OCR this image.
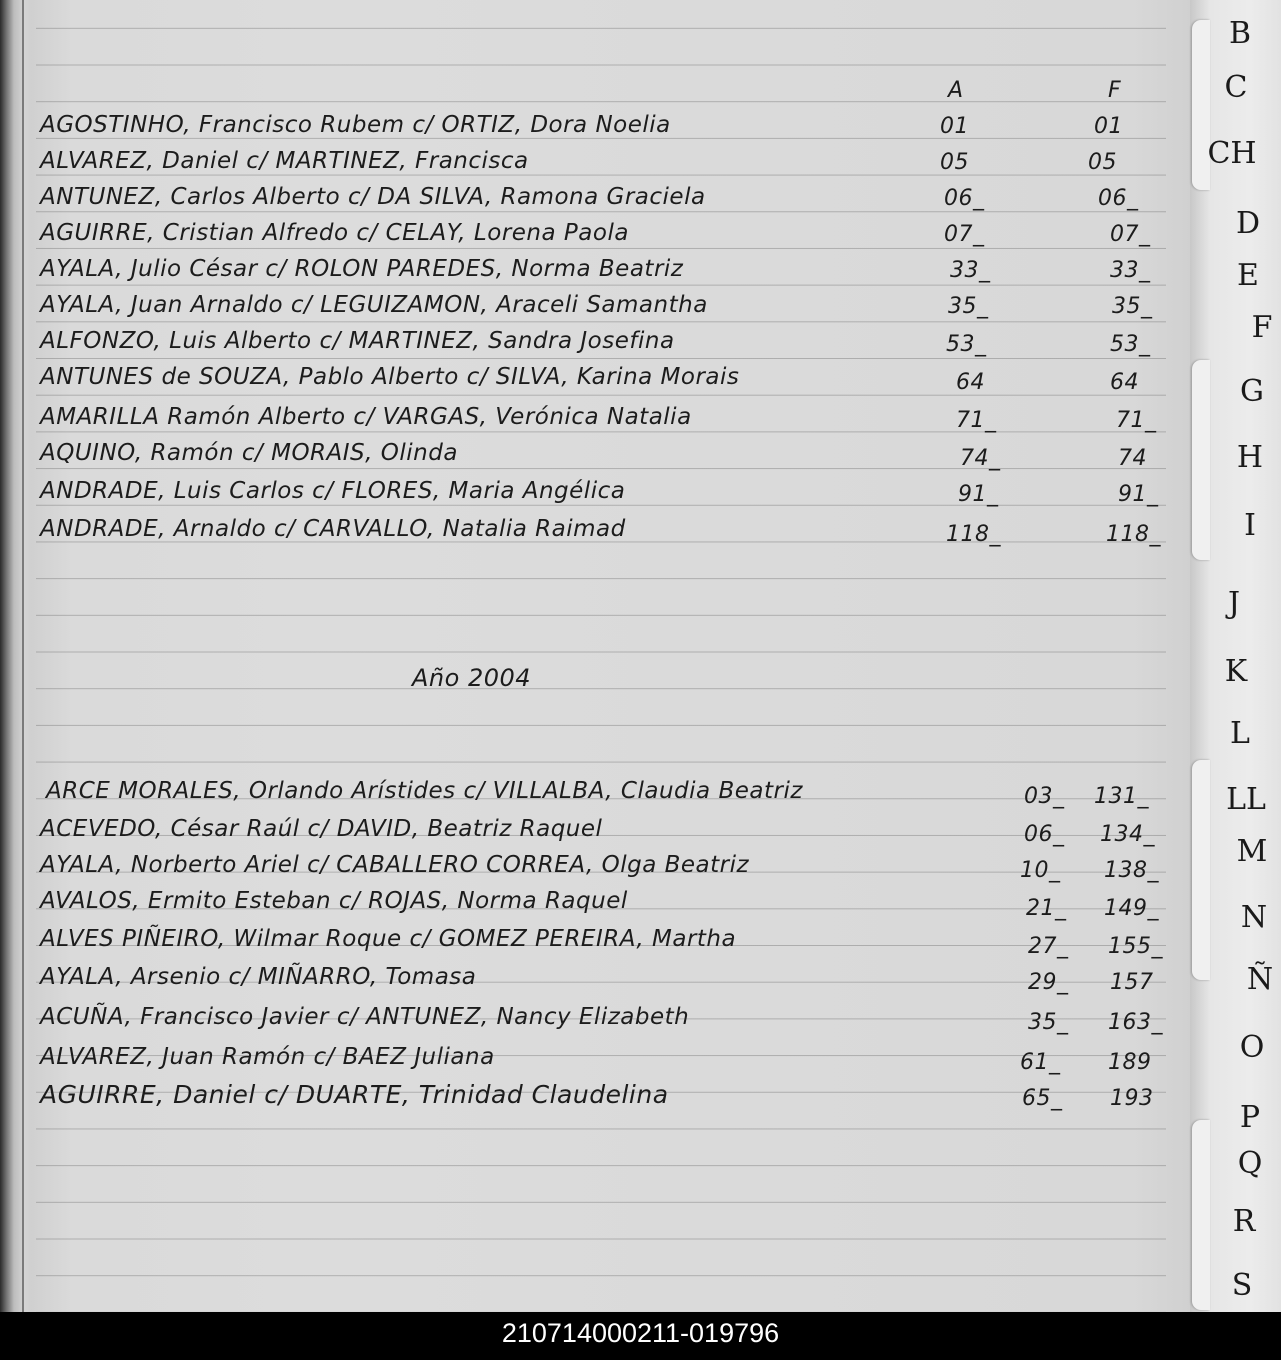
A	F
AGOSTINHO, Francisco Rubem c/ ORTIZ, Dora Noelia	01	01
ALVAREZ, Daniel c/ MARTINEZ, Francisca	05	05
ANTUNEZ, Carlos Alberto c/ DA SILVA, Ramona Graciela	06_	06_
AGUIRRE, Cristian Alfredo c/ CELAY, Lorena Paola	07_	07_
AYALA, Julio César c/ ROLON PAREDES, Norma Beatriz	33_	33_
AYALA, Juan Arnaldo c/ LEGUIZAMON, Araceli Samantha	35_	35_
ALFONZO, Luis Alberto c/ MARTINEZ, Sandra Josefina	53_	53_
ANTUNES de SOUZA, Pablo Alberto c/ SILVA, Karina Morais	64	64
AMARILLA Ramón Alberto c/ VARGAS, Verónica Natalia	71_	71_
AQUINO, Ramón c/ MORAIS, Olinda	74_	74
ANDRADE, Luis Carlos c/ FLORES, Maria Angélica	91_	91_
ANDRADE, Arnaldo c/ CARVALLO, Natalia Raimad	118_	118_
Año 2004
ARCE MORALES, Orlando Arístides c/ VILLALBA, Claudia Beatriz	03_ 131_
ACEVEDO, César Raúl c/ DAVID, Beatriz Raquel	06_ 134_
AYALA, Norberto Ariel c/ CABALLERO CORREA, Olga Beatriz	10_ 138_
AVALOS, Ermito Esteban c/ ROJAS, Norma Raquel	21_ 149_
ALVES PIÑEIRO, Wilmar Roque c/ GOMEZ PEREIRA, Martha	27_ 155_
AYALA, Arsenio c/ MIÑARRO, Tomasa	29_ 157
ACUÑA, Francisco Javier c/ ANTUNEZ, Nancy Elizabeth	35_ 163_
ALVAREZ, Juan Ramón c/ BAEZ Juliana	61_ 189
AGUIRRE, Daniel c/ DUARTE, Trinidad Claudelina	65_ 193
B
C
CH
D
E
F
G
H
I
J
K
L
LL
M
N
Ñ
O
P
Q
R
S
210714000211-019796
